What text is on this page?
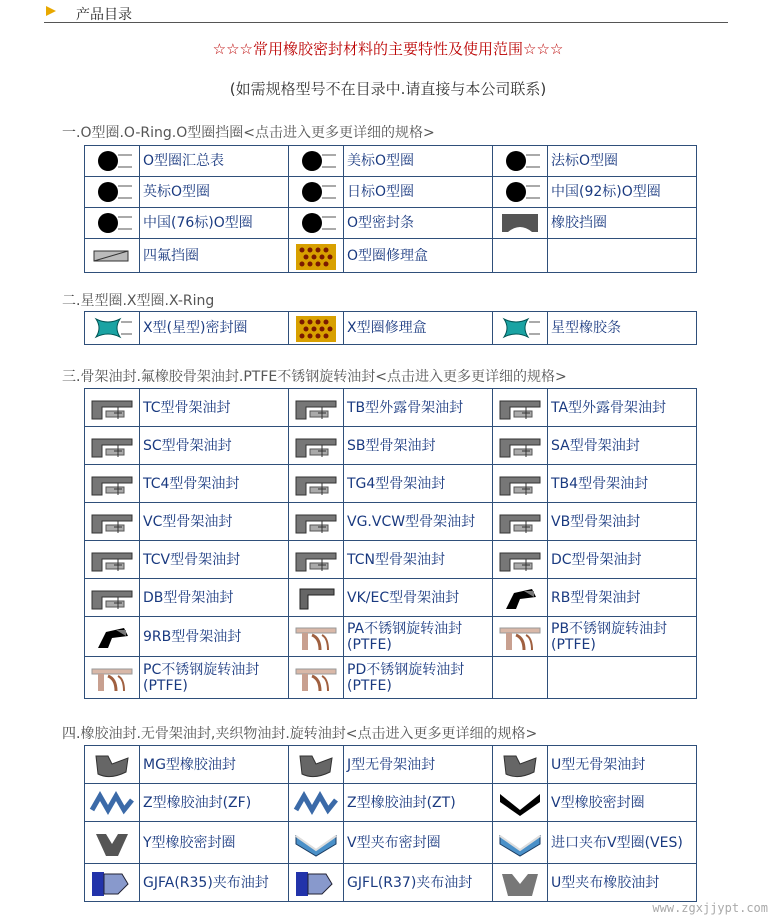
产品目录
☆☆☆常用橡胶密封材料的主要特性及使用范围☆☆☆
(如需规格型号不在目录中.请直接与本公司联系)
一.O型圈.O-Ring.O型圈挡圈<点击进入更多更详细的规格>
	O型圈汇总表		美标O型圈		法标O型圈

	英标O型圈		日标O型圈		中国(92标)O型圈

	中国(76标)O型圈		O型密封条		橡胶挡圈

	四氟挡圈		O型圈修理盒		
二.星型圈.X型圈.X-Ring
	X型(星型)密封圈		X型圈修理盒		星型橡胶条
三.骨架油封.氟橡胶骨架油封.PTFE不锈钢旋转油封<点击进入更多更详细的规格>
	TC型骨架油封		TB型外露骨架油封		TA型外露骨架油封

	SC型骨架油封		SB型骨架油封		SA型骨架油封

	TC4型骨架油封		TG4型骨架油封		TB4型骨架油封

	VC型骨架油封		VG.VCW型骨架油封		VB型骨架油封

	TCV型骨架油封		TCN型骨架油封		DC型骨架油封

	DB型骨架油封		VK/EC型骨架油封		RB型骨架油封

	9RB型骨架油封		PA不锈钢旋转油封(PTFE)		PB不锈钢旋转油封(PTFE)

	PC不锈钢旋转油封(PTFE)		PD不锈钢旋转油封(PTFE)		
四.橡胶油封.无骨架油封,夹织物油封.旋转油封<点击进入更多更详细的规格>
	MG型橡胶油封		J型无骨架油封		U型无骨架油封

	Z型橡胶油封(ZF)		Z型橡胶油封(ZT)		V型橡胶密封圈

	Y型橡胶密封圈		V型夹布密封圈		进口夹布V型圈(VES)

	GJFA(R35)夹布油封		GJFL(R37)夹布油封		U型夹布橡胶油封
www.zgxjjypt.com
